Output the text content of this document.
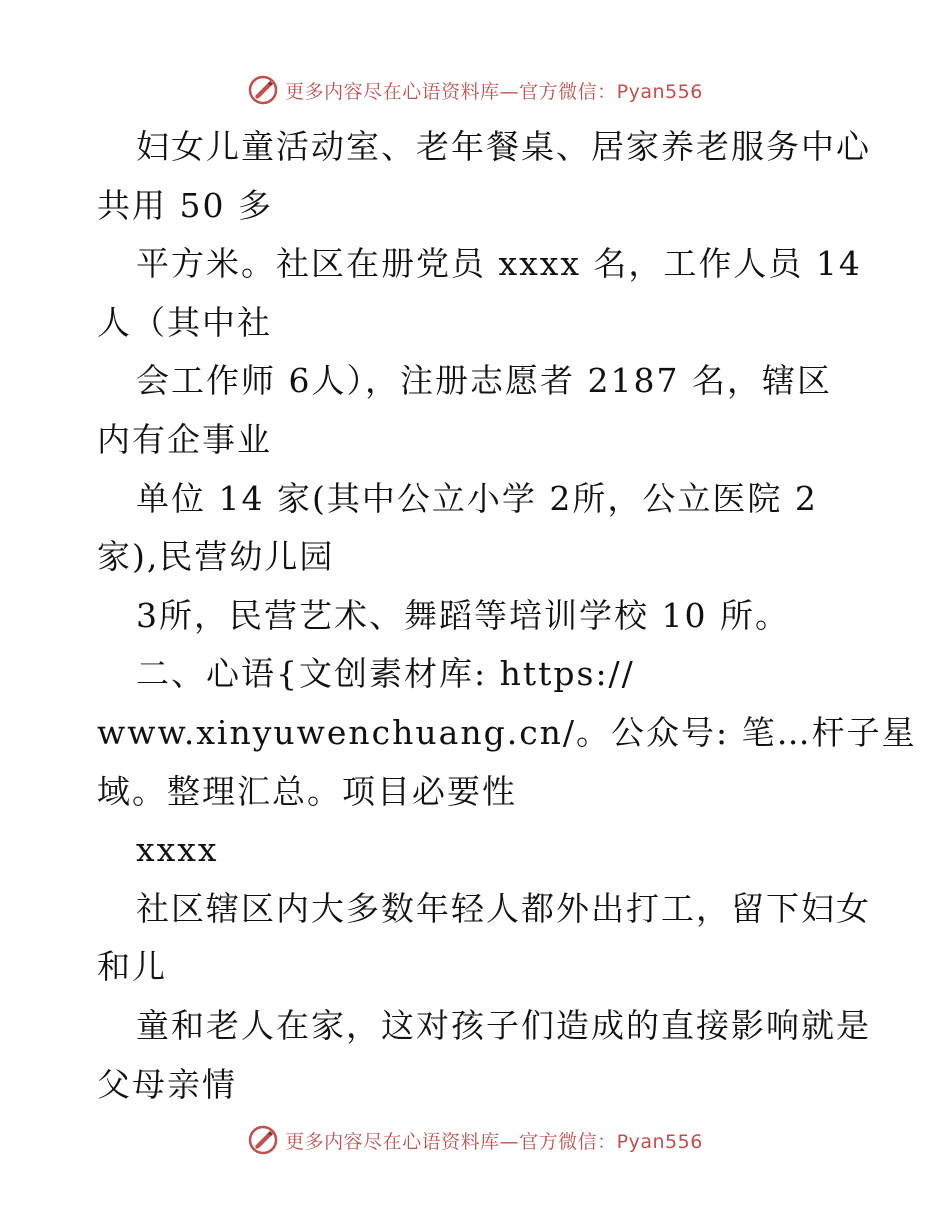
更多内容尽在心语资料库—官方微信：Pyan556
妇女儿童活动室、老年餐桌、居家养老服务中心
共用 50 多
平方米。社区在册党员 xxxx 名，工作人员 14
人（其中社
会工作师 6人），注册志愿者 2187 名，辖区
内有企事业
单位 14 家(其中公立小学 2所，公立医院 2
家),民营幼儿园
3所，民营艺术、舞蹈等培训学校 10 所。
二、心语{文创素材库: https://
www.xinyuwenchuang.cn/。公众号: 笔…杆子星
域。整理汇总。项目必要性
xxxx
社区辖区内大多数年轻人都外出打工，留下妇女
和儿
童和老人在家，这对孩子们造成的直接影响就是
父母亲情
更多内容尽在心语资料库—官方微信：Pyan556
